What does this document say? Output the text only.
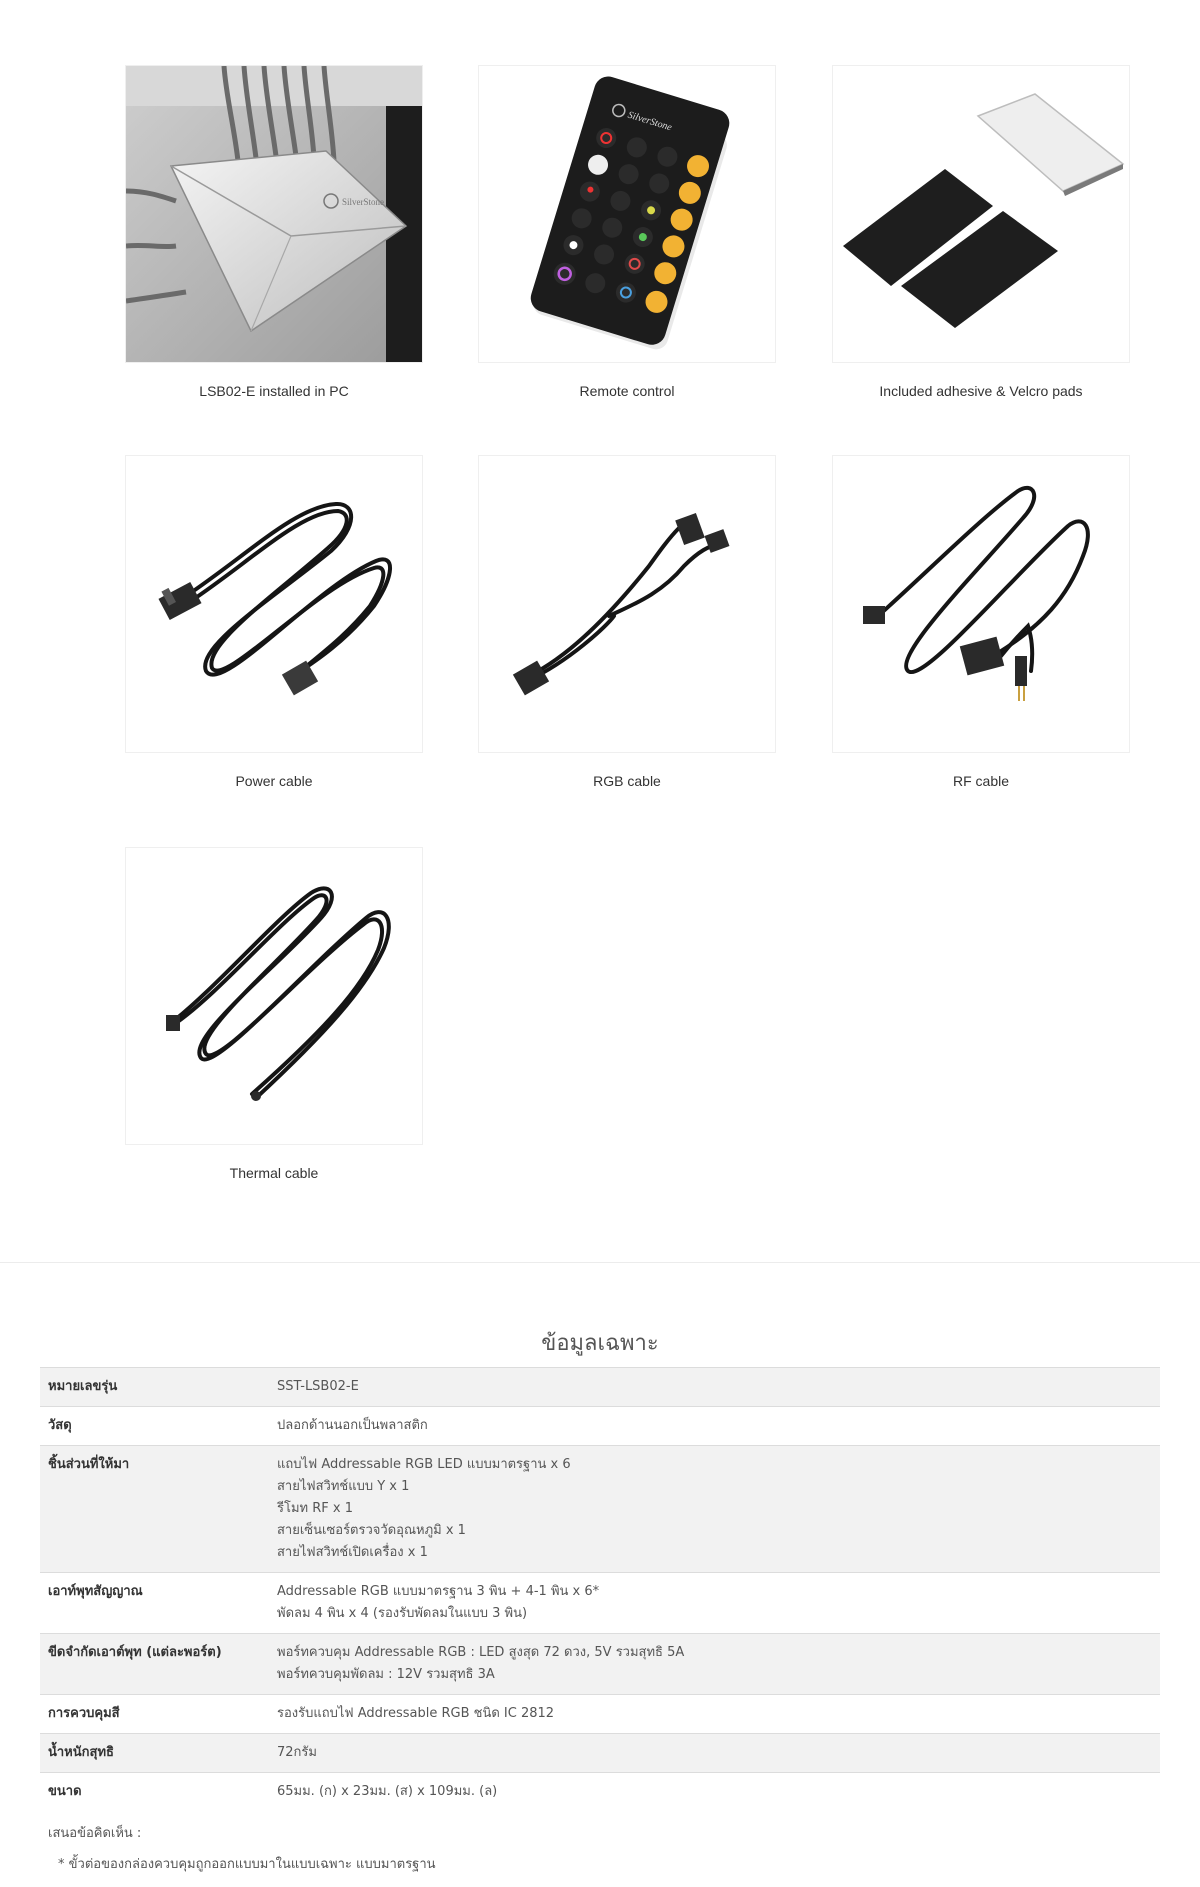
SilverStone
LSB02-E installed in PC
SilverStone
Remote control	Included adhesive & Velcro pads
Power cable	RGB cable	RF cable
Thermal cable
ข้อมูลเฉพาะ
หมายเลขรุ่น	SST-LSB02-E

วัสดุ	ปลอกด้านนอกเป็นพลาสติก

ชิ้นส่วนที่ให้มา	แถบไฟ Addressable RGB LED แบบมาตรฐาน x 6
สายไฟสวิทช์แบบ Y x 1
รีโมท RF x 1
สายเซ็นเซอร์ตรวจวัดอุณหภูมิ x 1
สายไฟสวิทช์เปิดเครื่อง x 1

เอาท์พุทสัญญาณ	Addressable RGB แบบมาตรฐาน 3 พิน + 4-1 พิน x 6*
พัดลม 4 พิน x 4 (รองรับพัดลมในแบบ 3 พิน)

ขีดจำกัดเอาต์พุท (แต่ละพอร์ต)	พอร์ทควบคุม Addressable RGB : LED สูงสุด 72 ดวง, 5V รวมสุทธิ 5A
พอร์ทควบคุมพัดลม : 12V รวมสุทธิ 3A

การควบคุมสี	รองรับแถบไฟ Addressable RGB ชนิด IC 2812

น้ำหนักสุทธิ	72กรัม

ขนาด	65มม. (ก) x 23มม. (ส) x 109มม. (ล)
เสนอข้อคิดเห็น :
* ขั้วต่อของกล่องควบคุมถูกออกแบบมาในแบบเฉพาะ แบบมาตรฐาน
